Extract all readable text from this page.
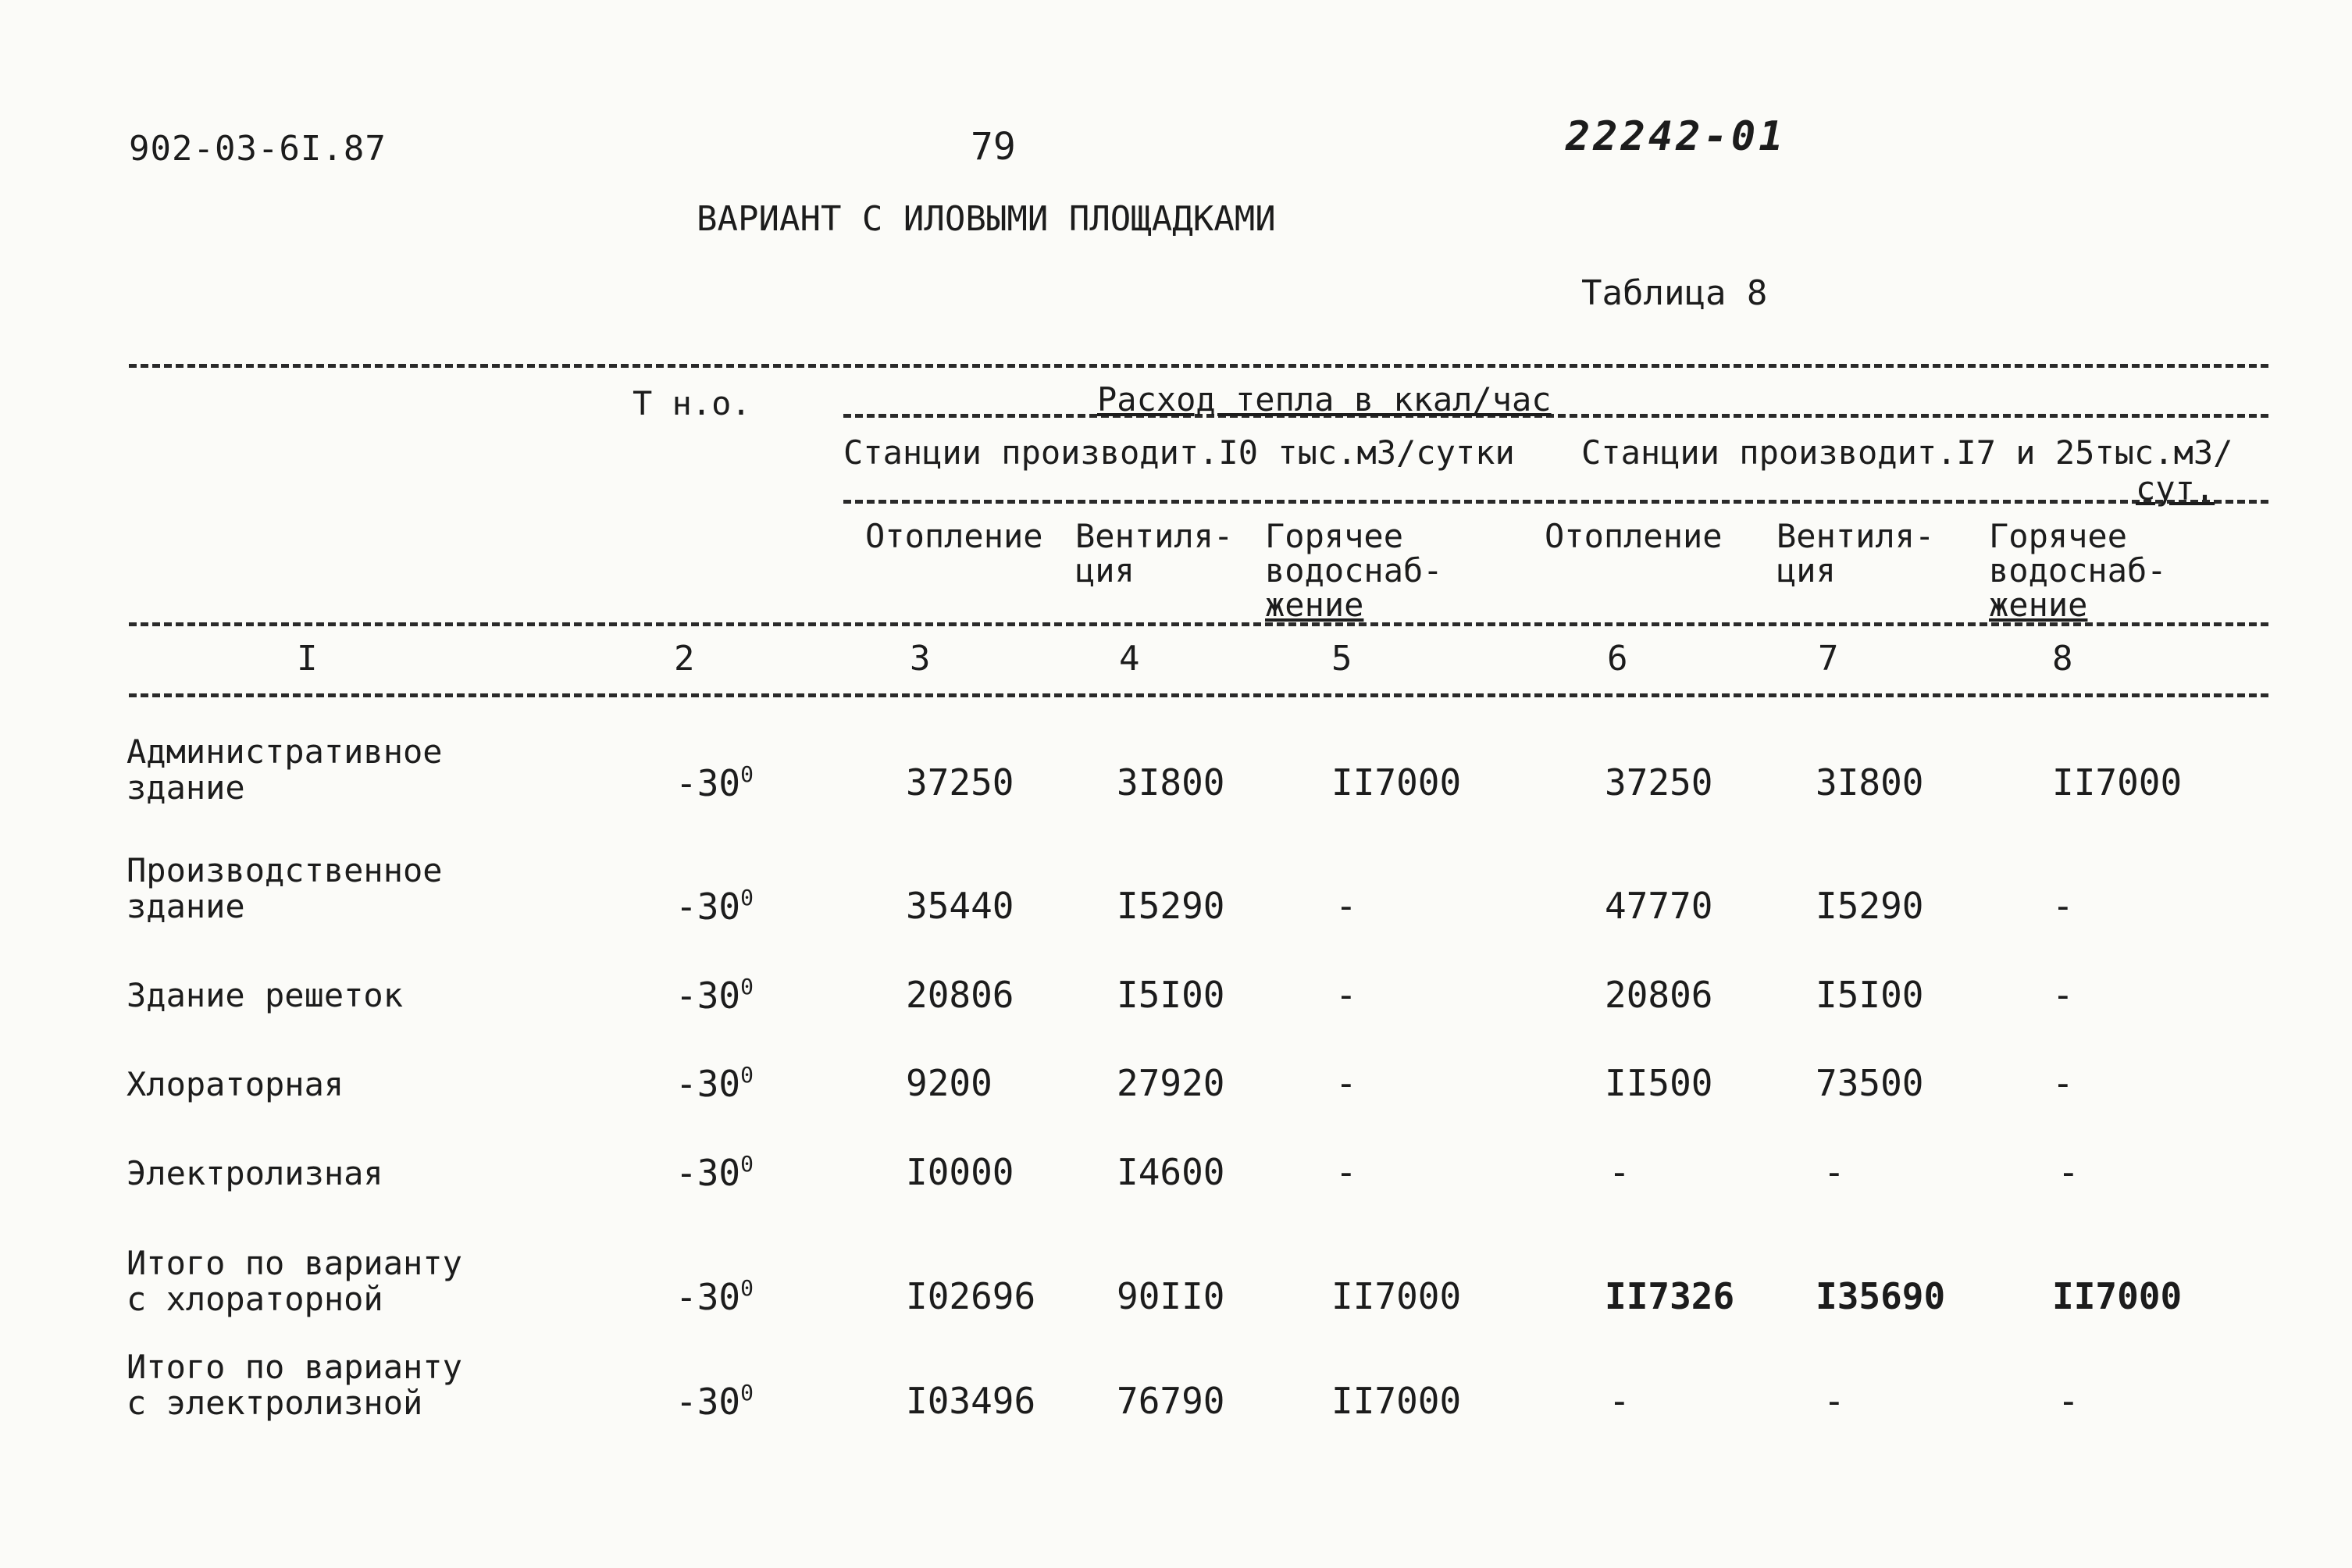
902-03-6I.87	79	22242-01
ВАРИАНТ С ИЛОВЫМИ ПЛОЩАДКАМИ
Таблица 8
Т н.о.	Расход тепла в ккал/час
Станции производит.I0 тыс.м3/сутки Станции производит.I7 и 25тыс.м3/
сут.
Отопление Вентиля-
ция
Горячее
водоснаб-
жение
Отопление Вентиля-
ция
Горячее
водоснаб-
жение
I	2	3	4	5	6	7	8
Административное
здание	$-30^0$	37250	3I800	II7000	37250	3I800	II7000
Производственное
здание	$-30^0$	35440	I5290	-	47770	I5290	-
Здание решеток	$-30^0$	20806	I5I00	-	20806	I5I00	-
Хлораторная	$-30^0$	9200	27920	-	II500	73500	-
Электролизная	$-30^0$	I0000	I4600	-	-	-	-
Итого по варианту
с хлораторной	$-30^0$	I02696 90II0	II7000	II7326 I35690	II7000
Итого по варианту
с электролизной	$-30^0$	I03496 76790	II7000	-	-	-
